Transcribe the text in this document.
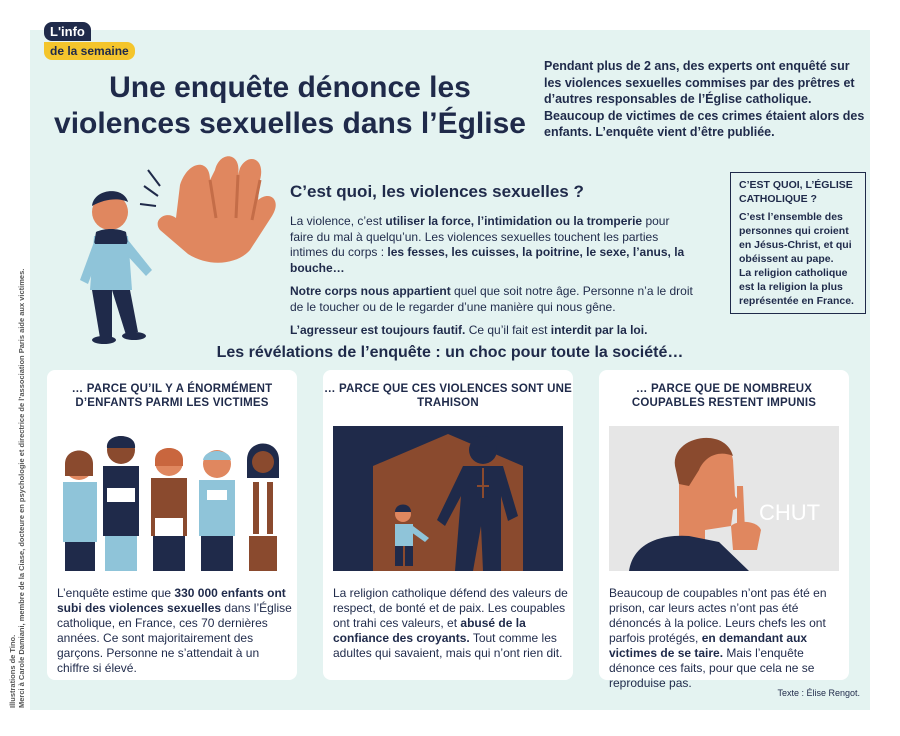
L'info
de la semaine
Une enquête dénonce les violences sexuelles dans l’Église

Pendant plus de 2 ans, des experts ont enquêté sur les violences sexuelles commises par des prêtres et d’autres responsables de l’Église catholique. Beaucoup de victimes de ces crimes étaient alors des enfants. L’enquête vient d’être publiée.

C’est quoi, les violences sexuelles ?

La violence, c’est utiliser la force, l’intimidation ou la tromperie pour faire du mal à quelqu’un. Les violences sexuelles touchent les parties intimes du corps : les fesses, les cuisses, la poitrine, le sexe, l’anus, la bouche…

Notre corps nous appartient quel que soit notre âge. Personne n’a le droit de le toucher ou de le regarder d’une manière qui nous gêne.

L’agresseur est toujours fautif. Ce qu’il fait est interdit par la loi.

C’EST QUOI, L’ÉGLISE CATHOLIQUE ?
C’est l’ensemble des personnes qui croient en Jésus-Christ, et qui obéissent au pape.
La religion catholique est la religion la plus représentée en France.
Les révélations de l’enquête : un choc pour toute la société…
… PARCE QU’IL Y A ÉNORMÉMENT D’ENFANTS PARMI LES VICTIMES
L’enquête estime que 330 000 enfants ont subi des violences sexuelles dans l’Église catholique, en France, ces 70 dernières années. Ce sont majoritairement des garçons. Personne ne s’attendait à un chiffre si élevé.
… PARCE QUE CES VIOLENCES SONT UNE TRAHISON
La religion catholique défend des valeurs de respect, de bonté et de paix. Les coupables ont trahi ces valeurs, et abusé de la confiance des croyants. Tout comme les adultes qui savaient, mais qui n’ont rien dit.
… PARCE QUE DE NOMBREUX COUPABLES RESTENT IMPUNIS
CHUT
Beaucoup de coupables n’ont pas été en prison, car leurs actes n’ont pas été dénoncés à la police. Leurs chefs les ont parfois protégés, en demandant aux victimes de se taire. Mais l’enquête dénonce ces faits, pour que cela ne se reproduise pas.
Illustrations de Tino.
Merci à Carole Damiani, membre de la Ciase, docteure en psychologie et directrice de l’association Paris aide aux victimes.	Texte : Élise Rengot.
